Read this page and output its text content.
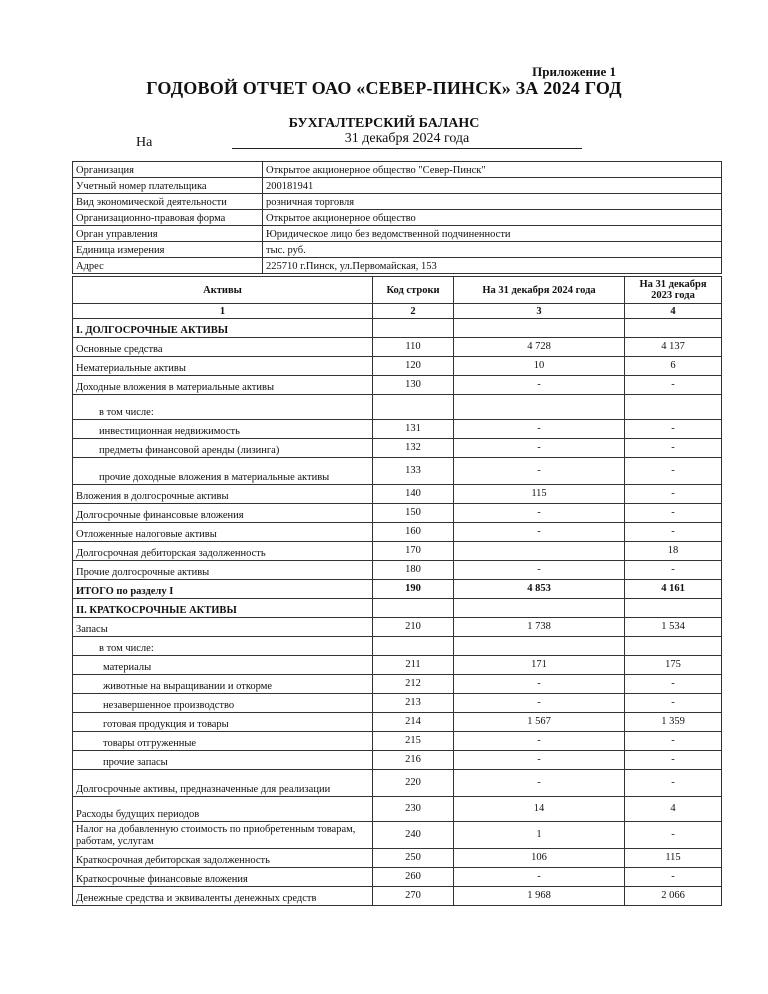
Приложение 1
ГОДОВОЙ ОТЧЕТ ОАО «СЕВЕР-ПИНСК» ЗА 2024 ГОД
БУХГАЛТЕРСКИЙ БАЛАНС
На	31 декабря 2024 года
Организация	Открытое акционерное общество "Север-Пинск"
Учетный номер плательщика	200181941
Вид экономической деятельности	розничная торговля
Организационно-правовая форма	Открытое акционерное общество
Орган управления	Юридическое лицо без ведомственной подчиненности
Единица измерения	тыс. руб.
Адрес	225710 г.Пинск, ул.Первомайская, 153
Активы	Код строки	На 31 декабря 2024 года	На 31 декабря 2023 года
1	2	3	4
I. ДОЛГОСРОЧНЫЕ АКТИВЫ			
Основные средства	110	4 728	4 137
Нематериальные активы	120	10	6
Доходные вложения в материальные активы	130	-	-
в том числе:			
инвестиционная недвижимость	131	-	-
предметы финансовой аренды (лизинга)	132	-	-
прочие доходные вложения в материальные активы	133	-	-
Вложения в долгосрочные активы	140	115	-
Долгосрочные финансовые вложения	150	-	-
Отложенные налоговые активы	160	-	-
Долгосрочная дебиторская задолженность	170		18
Прочие долгосрочные активы	180	-	-
ИТОГО по разделу I	190	4 853	4 161
II. КРАТКОСРОЧНЫЕ АКТИВЫ			
Запасы	210	1 738	1 534
в том числе:			
материалы	211	171	175
животные на выращивании и откорме	212	-	-
незавершенное производство	213	-	-
готовая продукция и товары	214	1 567	1 359
товары отгруженные	215	-	-
прочие запасы	216	-	-
Долгосрочные активы, предназначенные для реализации	220	-	-
Расходы будущих периодов	230	14	4
Налог на добавленную стоимость по приобретенным товарам, работам, услугам	240	1	-
Краткосрочная дебиторская задолженность	250	106	115
Краткосрочные финансовые вложения	260	-	-
Денежные средства и эквиваленты денежных средств	270	1 968	2 066
